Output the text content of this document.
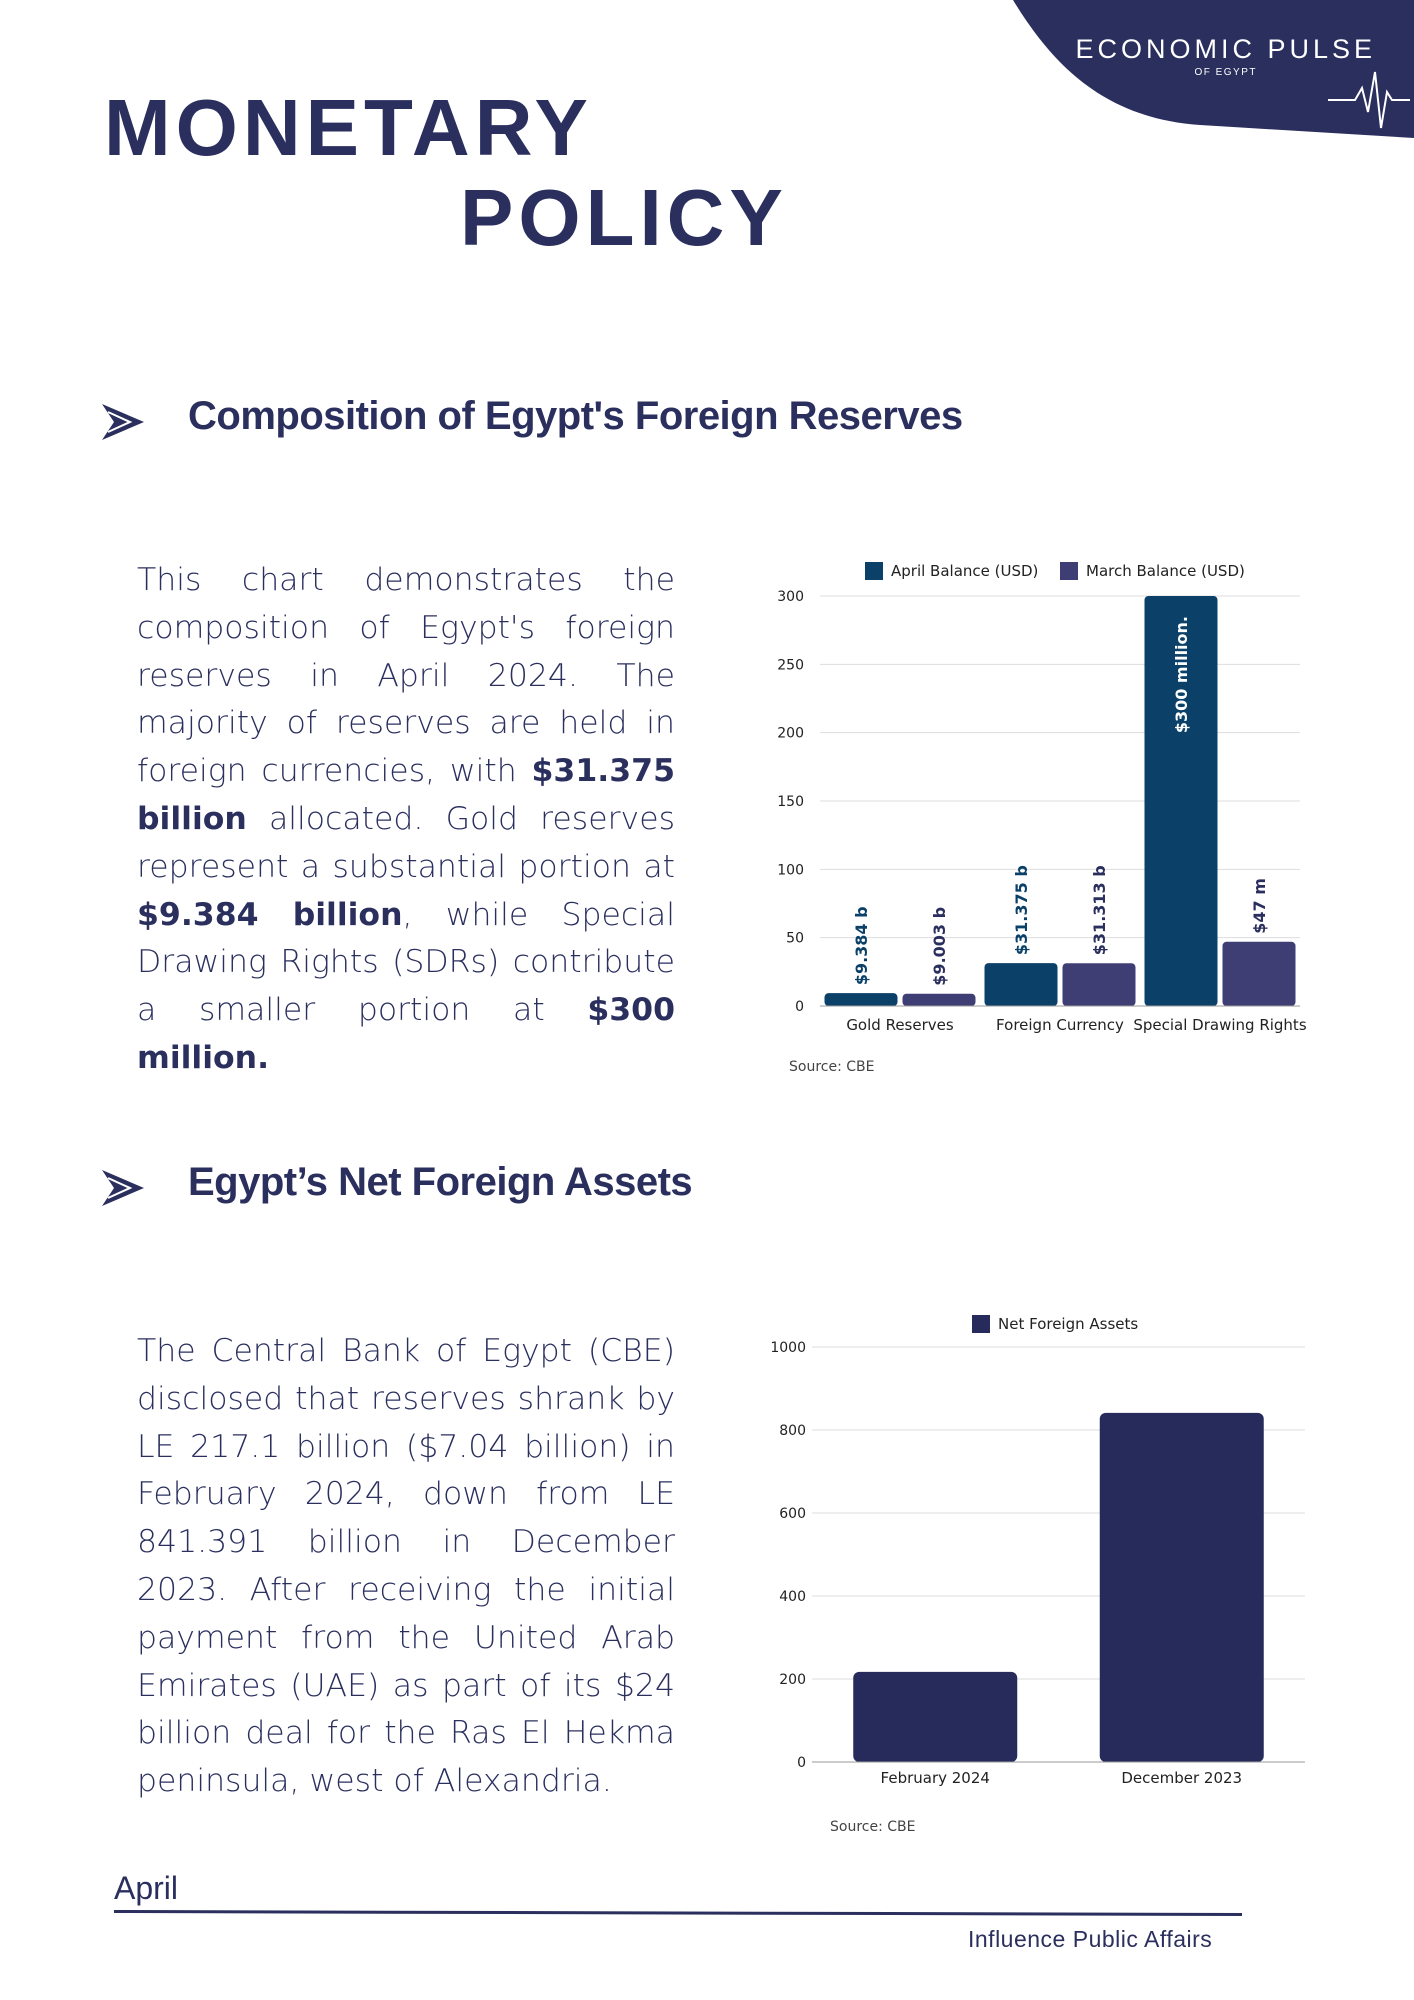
ECONOMIC PULSE
OF EGYPT
MONETARY
POLICY
Composition of Egypt's Foreign Reserves
This chart demonstrates the composition of Egypt's foreign reserves in April 2024. The majority of reserves are held in foreign currencies, with $31.375 billion allocated. Gold reserves represent a substantial portion at $9.384 billion, while Special Drawing Rights (SDRs) contribute a smaller portion at $300 million.
April Balance (USD)	March Balance (USD)
0
50
100
150
200
250
300
$9.384 b	$9.003 b
Gold Reserves
$31.375 b	$31.313 b
Foreign Currency
$300 million.
$47 m
Special Drawing Rights
Source: CBE
Egypt’s Net Foreign Assets
The Central Bank of Egypt (CBE) disclosed that reserves shrank by LE 217.1 billion ($7.04 billion) in February 2024, down from LE 841.391 billion in December 2023. After receiving the initial payment from the United Arab Emirates (UAE) as part of its $24 billion deal for the Ras El Hekma peninsula, west of Alexandria.
Net Foreign Assets
0
200
400
600
800
1000
February 2024	December 2023
Source: CBE
April
Influence Public Affairs
